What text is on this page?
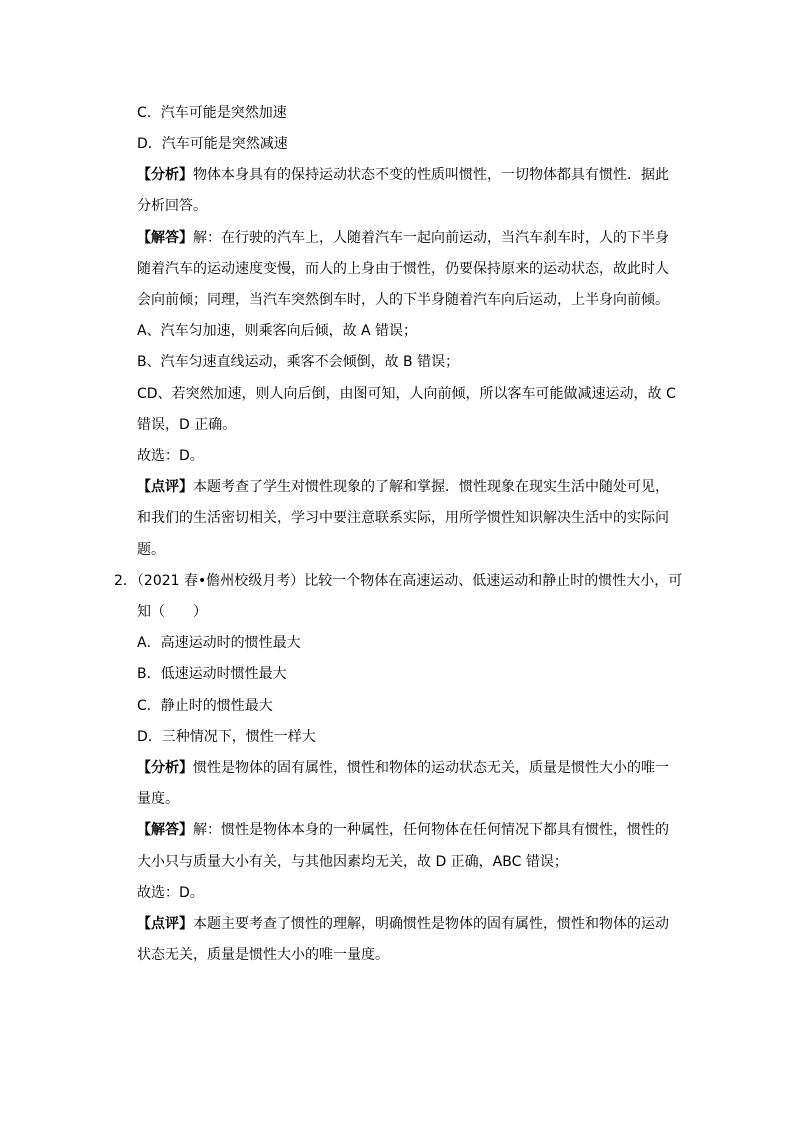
C．汽车可能是突然加速
D．汽车可能是突然减速
【分析】物体本身具有的保持运动状态不变的性质叫惯性，一切物体都具有惯性．据此
分析回答。
【解答】解：在行驶的汽车上，人随着汽车一起向前运动，当汽车刹车时，人的下半身
随着汽车的运动速度变慢，而人的上身由于惯性，仍要保持原来的运动状态，故此时人
会向前倾；同理，当汽车突然倒车时，人的下半身随着汽车向后运动，上半身向前倾。
A、汽车匀加速，则乘客向后倾，故 A 错误；
B、汽车匀速直线运动，乘客不会倾倒，故 B 错误；
CD、若突然加速，则人向后倒，由图可知，人向前倾，所以客车可能做减速运动，故 C
错误，D 正确。
故选：D。
【点评】本题考查了学生对惯性现象的了解和掌握．惯性现象在现实生活中随处可见，
和我们的生活密切相关，学习中要注意联系实际，用所学惯性知识解决生活中的实际问
题。
2．（2021 春•儋州校级月考）比较一个物体在高速运动、低速运动和静止时的惯性大小，可
知（　　）
A．高速运动时的惯性最大
B．低速运动时惯性最大
C．静止时的惯性最大
D．三种情况下，惯性一样大
【分析】惯性是物体的固有属性，惯性和物体的运动状态无关，质量是惯性大小的唯一
量度。
【解答】解：惯性是物体本身的一种属性，任何物体在任何情况下都具有惯性，惯性的
大小只与质量大小有关，与其他因素均无关，故 D 正确，ABC 错误；
故选：D。
【点评】本题主要考查了惯性的理解，明确惯性是物体的固有属性，惯性和物体的运动
状态无关，质量是惯性大小的唯一量度。
